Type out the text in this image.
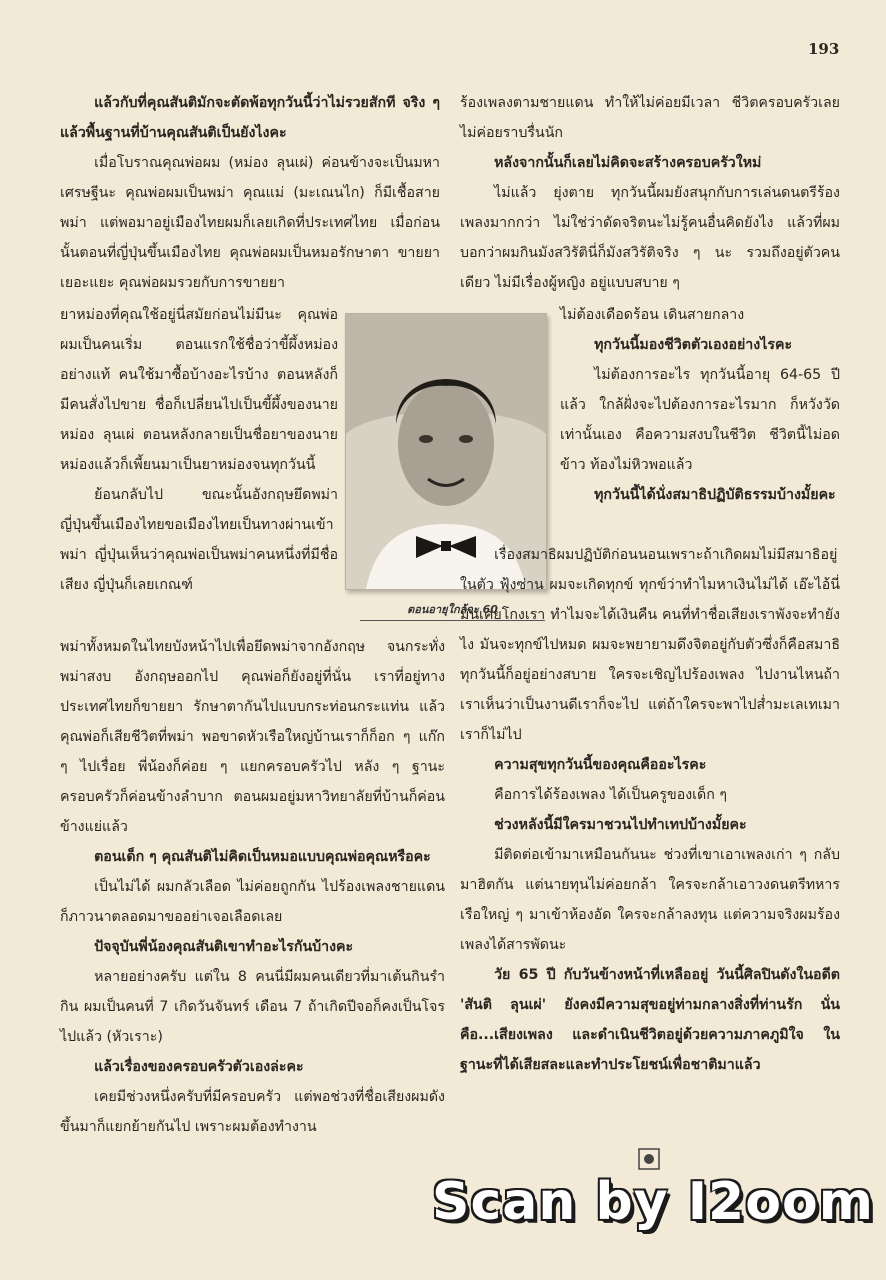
193

แล้วกับที่คุณสันติมักจะตัดพ้อทุกวันนี้ว่าไม่รวยสักที จริง ๆ แล้วพื้นฐานที่บ้านคุณสันติเป็นยังไงคะ

เมื่อโบราณคุณพ่อผม (หม่อง ลุนเผ่) ค่อนข้างจะเป็นมหาเศรษฐีนะ คุณพ่อผมเป็นพม่า คุณแม่ (มะเณนไก) ก็มีเชื้อสายพม่า แต่พอมาอยู่เมืองไทยผมก็เลยเกิดที่ประเทศไทย เมื่อก่อนนั้นตอนที่ญี่ปุ่นขึ้นเมืองไทย คุณพ่อผมเป็นหมอรักษาตา ขายยาเยอะแยะ คุณพ่อผมรวยกับการขายยา

ยาหม่องที่คุณใช้อยู่นี่สมัยก่อนไม่มีนะ คุณพ่อผมเป็นคนเริ่ม ตอนแรกใช้ชื่อว่าขี้ผึ้งหม่องอย่างแท้ คนใช้มาซื้อบ้างอะไรบ้าง ตอนหลังก็มีคนสั่งไปขาย ชื่อก็เปลี่ยนไปเป็นขี้ผึ้งของนายหม่อง ลุนเผ่ ตอนหลังกลายเป็นชื่อยาของนายหม่องแล้วก็เพี้ยนมาเป็นยาหม่องจนทุกวันนี้

ย้อนกลับไป ขณะนั้นอังกฤษยึดพม่า ญี่ปุ่นขึ้นเมืองไทยขอเมืองไทยเป็นทางผ่านเข้าพม่า ญี่ปุ่นเห็นว่าคุณพ่อเป็นพม่าคนหนึ่งที่มีชื่อเสียง ญี่ปุ่นก็เลยเกณฑ์

ตอนอายุใกล้จะ 60

พม่าทั้งหมดในไทยบังหน้าไปเพื่อยึดพม่าจากอังกฤษ จนกระทั่งพม่าสงบ อังกฤษออกไป คุณพ่อก็ยังอยู่ที่นั่น เราที่อยู่ทางประเทศไทยก็ขายยา รักษาตากันไปแบบกระท่อนกระแท่น แล้วคุณพ่อก็เสียชีวิตที่พม่า พอขาดหัวเรือใหญ่บ้านเราก็ก็อก ๆ แก๊ก ๆ ไปเรื่อย พี่น้องก็ค่อย ๆ แยกครอบครัวไป หลัง ๆ ฐานะครอบครัวก็ค่อนข้างลำบาก ตอนผมอยู่มหาวิทยาลัยที่บ้านก็ค่อนข้างแย่แล้ว

ตอนเด็ก ๆ คุณสันติไม่คิดเป็นหมอแบบคุณพ่อคุณหรือคะ

เป็นไม่ได้ ผมกลัวเลือด ไม่ค่อยถูกกัน ไปร้องเพลงชายแดนก็ภาวนาตลอดมาขออย่าเจอเลือดเลย

ปัจจุบันพี่น้องคุณสันติเขาทำอะไรกันบ้างคะ

หลายอย่างครับ แต่ใน 8 คนนี่มีผมคนเดียวที่มาเต้นกินรำกิน ผมเป็นคนที่ 7 เกิดวันจันทร์ เดือน 7 ถ้าเกิดปีจอก็คงเป็นโจรไปแล้ว (หัวเราะ)

แล้วเรื่องของครอบครัวตัวเองล่ะคะ

เคยมีช่วงหนึ่งครับที่มีครอบครัว แต่พอช่วงที่ชื่อเสียงผมดังขึ้นมาก็แยกย้ายกันไป เพราะผมต้องทำงาน

ร้องเพลงตามชายแดน ทำให้ไม่ค่อยมีเวลา ชีวิตครอบครัวเลยไม่ค่อยราบรื่นนัก

หลังจากนั้นก็เลยไม่คิดจะสร้างครอบครัวใหม่

ไม่แล้ว ยุ่งตาย ทุกวันนี้ผมยังสนุกกับการเล่นดนตรีร้องเพลงมากกว่า ไม่ใช่ว่าดัดจริตนะไม่รู้คนอื่นคิดยังไง แล้วที่ผมบอกว่าผมกินมังสวิรัตินี่ก็มังสวิรัติจริง ๆ นะ รวมถึงอยู่ตัวคนเดียว ไม่มีเรื่องผู้หญิง อยู่แบบสบาย ๆ

ไม่ต้องเดือดร้อน เดินสายกลาง

ทุกวันนี้มองชีวิตตัวเองอย่างไรคะ

ไม่ต้องการอะไร ทุกวันนี้อายุ 64-65 ปีแล้ว ใกล้ฝั่งจะไปต้องการอะไรมาก ก็หวังวัดเท่านั้นเอง คือความสงบในชีวิต ชีวิตนี้ไม่อดข้าว ท้องไม่หิวพอแล้ว

ทุกวันนี้ได้นั่งสมาธิปฏิบัติธรรมบ้างมั้ยคะ

เรื่องสมาธิผมปฏิบัติก่อนนอนเพราะถ้าเกิดผมไม่มีสมาธิอยู่ในตัว ฟุ้งซ่าน ผมจะเกิดทุกข์ ทุกข์ว่าทำไมหาเงินไม่ได้ เอ๊ะไอ้นี่มันเคยโกงเรา ทำไมจะได้เงินคืน คนที่ทำชื่อเสียงเราพังจะทำยังไง มันจะทุกข์ไปหมด ผมจะพยายามดึงจิตอยู่กับตัวซึ่งก็คือสมาธิ ทุกวันนี้ก็อยู่อย่างสบาย ใครจะเชิญไปร้องเพลง ไปงานไหนถ้าเราเห็นว่าเป็นงานดีเราก็จะไป แต่ถ้าใครจะพาไปส่ำมะเลเทเมาเราก็ไม่ไป

ความสุขทุกวันนี้ของคุณคืออะไรคะ

คือการได้ร้องเพลง ได้เป็นครูของเด็ก ๆ

ช่วงหลังนี้มีใครมาชวนไปทำเทปบ้างมั้ยคะ

มีติดต่อเข้ามาเหมือนกันนะ ช่วงที่เขาเอาเพลงเก่า ๆ กลับมาฮิตกัน แต่นายทุนไม่ค่อยกล้า ใครจะกล้าเอาวงดนตรีทหารเรือใหญ่ ๆ มาเข้าห้องอัด ใครจะกล้าลงทุน แต่ความจริงผมร้องเพลงได้สารพัดนะ

วัย 65 ปี กับวันข้างหน้าที่เหลืออยู่ วันนี้ศิลปินดังในอดีต 'สันติ ลุนเผ่' ยังคงมีความสุขอยู่ท่ามกลางสิ่งที่ท่านรัก นั่นคือ...เสียงเพลง และดำเนินชีวิตอยู่ด้วยความภาคภูมิใจ ในฐานะที่ได้เสียสละและทำประโยชน์เพื่อชาติมาแล้ว

Scan by I2oom
